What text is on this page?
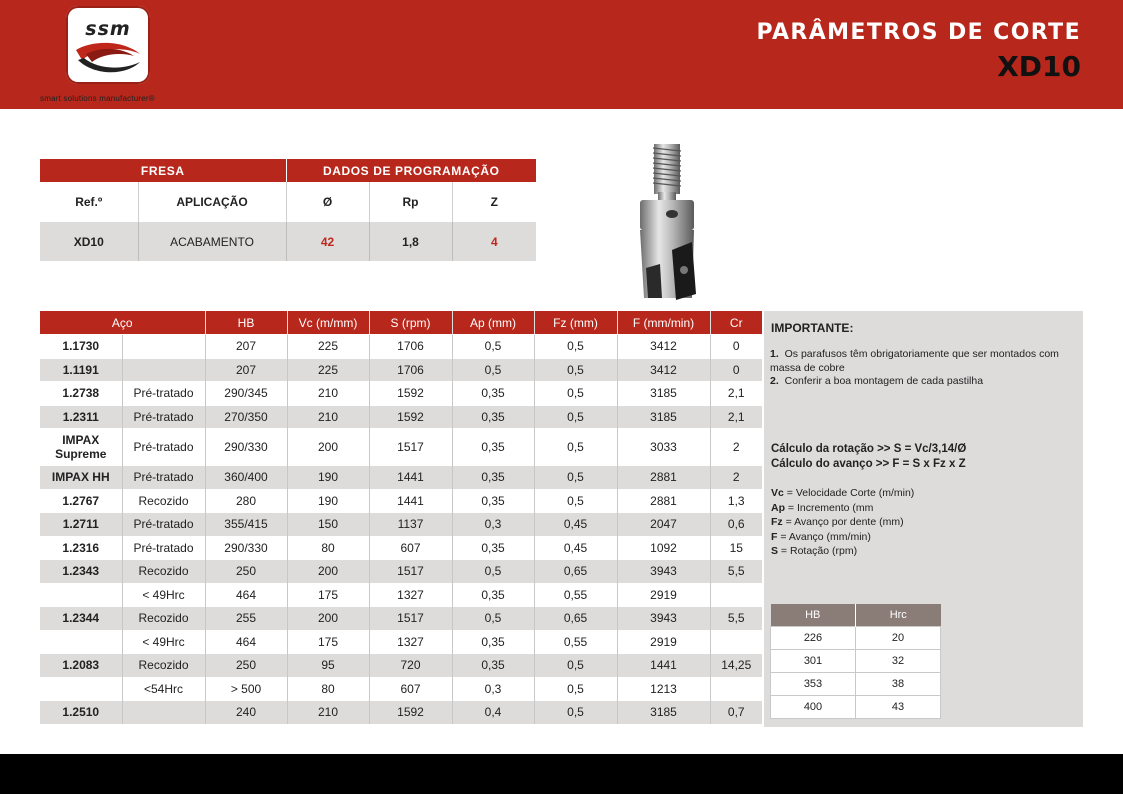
ssm
smart solutions manufacturer®
PARÂMETROS DE CORTE
XD10
FRESA		DADOS DE PROGRAMAÇÃO		
Ref.º	APLICAÇÃO	Ø	Rp	Z
XD10	ACABAMENTO	42	1,8	4
Aço		HB	Vc (m/mm)	S (rpm)	Ap (mm)	Fz (mm)	F (mm/min)	Cr
1.1730		207	225	1706	0,5	0,5	3412	0
1.1191		207	225	1706	0,5	0,5	3412	0
1.2738	Pré-tratado	290/345	210	1592	0,35	0,5	3185	2,1
1.2311	Pré-tratado	270/350	210	1592	0,35	0,5	3185	2,1
IMPAX Supreme	Pré-tratado	290/330	200	1517	0,35	0,5	3033	2
IMPAX HH	Pré-tratado	360/400	190	1441	0,35	0,5	2881	2
1.2767	Recozido	280	190	1441	0,35	0,5	2881	1,3
1.2711	Pré-tratado	355/415	150	1137	0,3	0,45	2047	0,6
1.2316	Pré-tratado	290/330	80	607	0,35	0,45	1092	15
1.2343	Recozido	250	200	1517	0,5	0,65	3943	5,5
	< 49Hrc	464	175	1327	0,35	0,55	2919	
1.2344	Recozido	255	200	1517	0,5	0,65	3943	5,5
	< 49Hrc	464	175	1327	0,35	0,55	2919	
1.2083	Recozido	250	95	720	0,35	0,5	1441	14,25
	<54Hrc	> 500	80	607	0,3	0,5	1213	
1.2510		240	210	1592	0,4	0,5	3185	0,7
IMPORTANTE:
1. Os parafusos têm obrigatoriamente que ser montados com massa de cobre
2. Conferir a boa montagem de cada pastilha
Cálculo da rotação >> S = Vc/3,14/Ø
Cálculo do avanço >> F = S x Fz x Z
Vc = Velocidade Corte (m/min)
Ap = Incremento (mm
Fz = Avanço por dente (mm)
F = Avanço (mm/min)
S = Rotação (rpm)
HB	Hrc
226	20
301	32
353	38
400	43
